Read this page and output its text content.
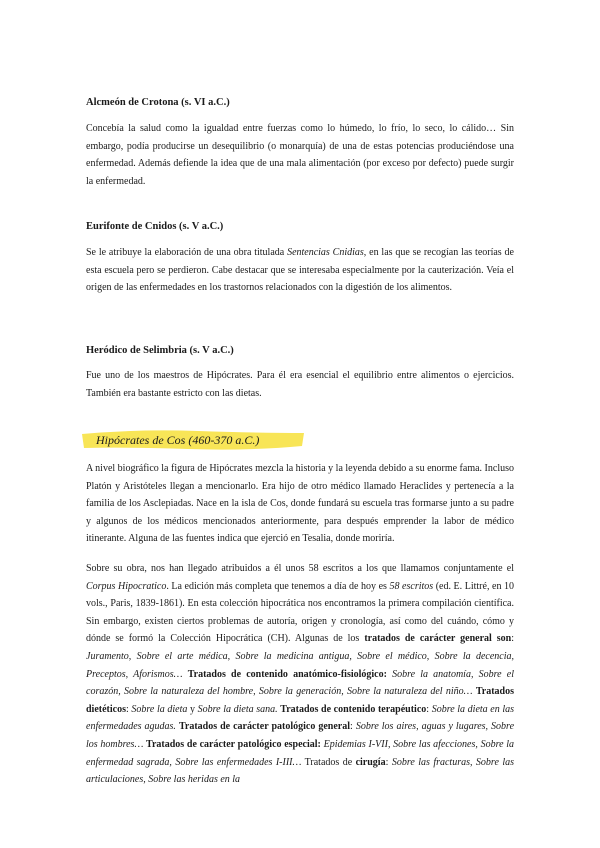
Alcmeón de Crotona (s. VI a.C.)

Concebía la salud como la igualdad entre fuerzas como lo húmedo, lo frío, lo seco, lo cálido… Sin embargo, podía producirse un desequilibrio (o monarquía) de una de estas potencias produciéndose una enfermedad. Además defiende la idea que de una mala alimentación (por exceso por defecto) puede surgir la enfermedad.

Eurifonte de Cnidos (s. V a.C.)

Se le atribuye la elaboración de una obra titulada Sentencias Cnidias, en las que se recogían las teorías de esta escuela pero se perdieron. Cabe destacar que se interesaba especialmente por la cauterización. Veía el origen de las enfermedades en los trastornos relacionados con la digestión de los alimentos.

Heródico de Selimbria (s. V a.C.)

Fue uno de los maestros de Hipócrates. Para él era esencial el equilibrio entre alimentos o ejercicios. También era bastante estricto con las dietas.

Hipócrates de Cos (460-370 a.C.)

A nivel biográfico la figura de Hipócrates mezcla la historia y la leyenda debido a su enorme fama. Incluso Platón y Aristóteles llegan a mencionarlo. Era hijo de otro médico llamado Heraclides y pertenecía a la familia de los Asclepiadas. Nace en la isla de Cos, donde fundará su escuela tras formarse junto a su padre y algunos de los médicos mencionados anteriormente, para después emprender la labor de médico itinerante. Alguna de las fuentes indica que ejerció en Tesalia, donde moriría.

Sobre su obra, nos han llegado atribuidos a él unos 58 escritos a los que llamamos conjuntamente el Corpus Hipocratico. La edición más completa que tenemos a día de hoy es 58 escritos (ed. E. Littré, en 10 vols., Paris, 1839-1861). En esta colección hipocrática nos encontramos la primera compilación científica. Sin embargo, existen ciertos problemas de autoría, origen y cronología, así como del cuándo, cómo y dónde se formó la Colección Hipocrática (CH). Algunas de los tratados de carácter general son: Juramento, Sobre el arte médica, Sobre la medicina antigua, Sobre el médico, Sobre la decencia, Preceptos, Aforismos… Tratados de contenido anatómico-fisiológico: Sobre la anatomía, Sobre el corazón, Sobre la naturaleza del hombre, Sobre la generación, Sobre la naturaleza del niño… Tratados dietéticos: Sobre la dieta y Sobre la dieta sana. Tratados de contenido terapéutico: Sobre la dieta en las enfermedades agudas. Tratados de carácter patológico general: Sobre los aires, aguas y lugares, Sobre los hombres… Tratados de carácter patológico especial: Epidemias I-VII, Sobre las afecciones, Sobre la enfermedad sagrada, Sobre las enfermedades I-III… Tratados de cirugía: Sobre las fracturas, Sobre las articulaciones, Sobre las heridas en la
